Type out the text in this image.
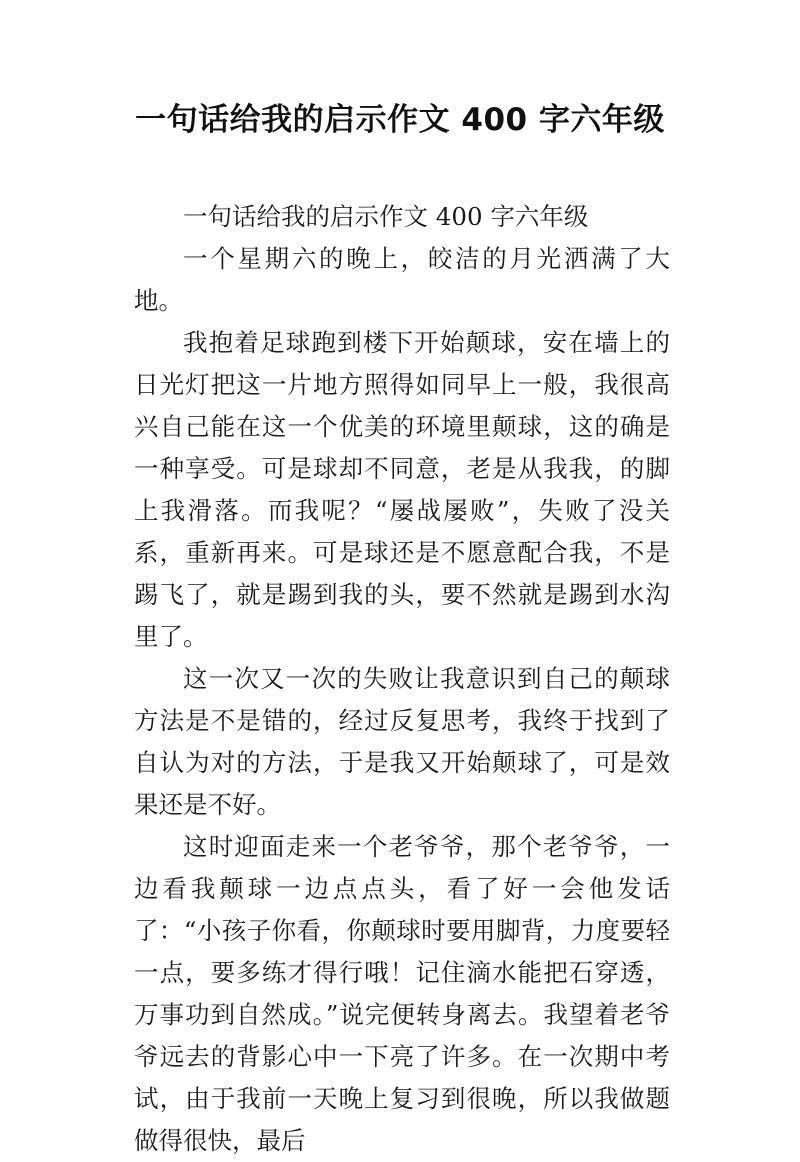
一句话给我的启示作文 400 字六年级

一句话给我的启示作文 400 字六年级

一个星期六的晚上，皎洁的月光洒满了大地。

我抱着足球跑到楼下开始颠球，安在墙上的日光灯把这一片地方照得如同早上一般，我很高兴自己能在这一个优美的环境里颠球，这的确是一种享受。可是球却不同意，老是从我我，的脚上我滑落。而我呢？“屡战屡败”，失败了没关系，重新再来。可是球还是不愿意配合我，不是踢飞了，就是踢到我的头，要不然就是踢到水沟里了。

这一次又一次的失败让我意识到自己的颠球方法是不是错的，经过反复思考，我终于找到了自认为对的方法，于是我又开始颠球了，可是效果还是不好。

这时迎面走来一个老爷爷，那个老爷爷，一边看我颠球一边点点头，看了好一会他发话了：“小孩子你看，你颠球时要用脚背，力度要轻一点，要多练才得行哦！记住滴水能把石穿透，万事功到自然成。”说完便转身离去。我望着老爷爷远去的背影心中一下亮了许多。在一次期中考试，由于我前一天晚上复习到很晚，所以我做题做得很快，最后
